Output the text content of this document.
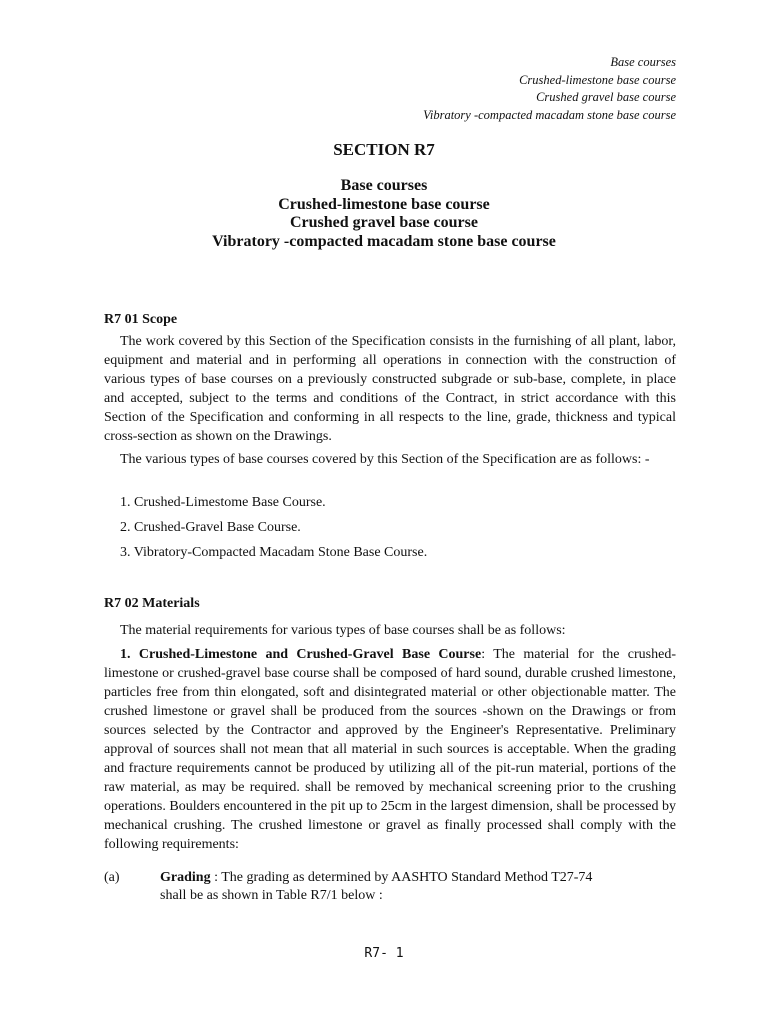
Base courses
Crushed-limestone base course
Crushed gravel base course
Vibratory -compacted macadam stone base course
SECTION R7
Base courses
Crushed-limestone base course
Crushed gravel base course
Vibratory -compacted macadam stone base course
R7 01 Scope

The work covered by this Section of the Specification consists in the furnishing of all plant, labor, equipment and material and in performing all operations in connection with the construction of various types of base courses on a previously constructed subgrade or sub-base, complete, in place and accepted, subject to the terms and conditions of the Contract, in strict accordance with this Section of the Specification and conforming in all respects to the line, grade, thickness and typical cross-section as shown on the Drawings.

The various types of base courses covered by this Section of the Specification are as follows: -

1. Crushed-Limestome Base Course.
2. Crushed-Gravel Base Course.
3. Vibratory-Compacted Macadam Stone Base Course.
R7 02 Materials

The material requirements for various types of base courses shall be as follows:

1. Crushed-Limestone and Crushed-Gravel Base Course: The material for the crushed-limestone or crushed-gravel base course shall be composed of hard sound, durable crushed limestone, particles free from thin elongated, soft and disintegrated material or other objectionable matter. The crushed limestone or gravel shall be produced from the sources -shown on the Drawings or from sources selected by the Contractor and approved by the Engineer's Representative. Preliminary approval of sources shall not mean that all material in such sources is acceptable. When the grading and fracture requirements cannot be produced by utilizing all of the pit-run material, portions of the raw material, as may be required. shall be removed by mechanical screening prior to the crushing operations. Boulders encountered in the pit up to 25cm in the largest dimension, shall be processed by mechanical crushing. The crushed limestone or gravel as finally processed shall comply with the following requirements:

(a)	Grading : The grading as determined by AASHTO Standard Method T27-74
shall be as shown in Table R7/1 below :
R7- 1
